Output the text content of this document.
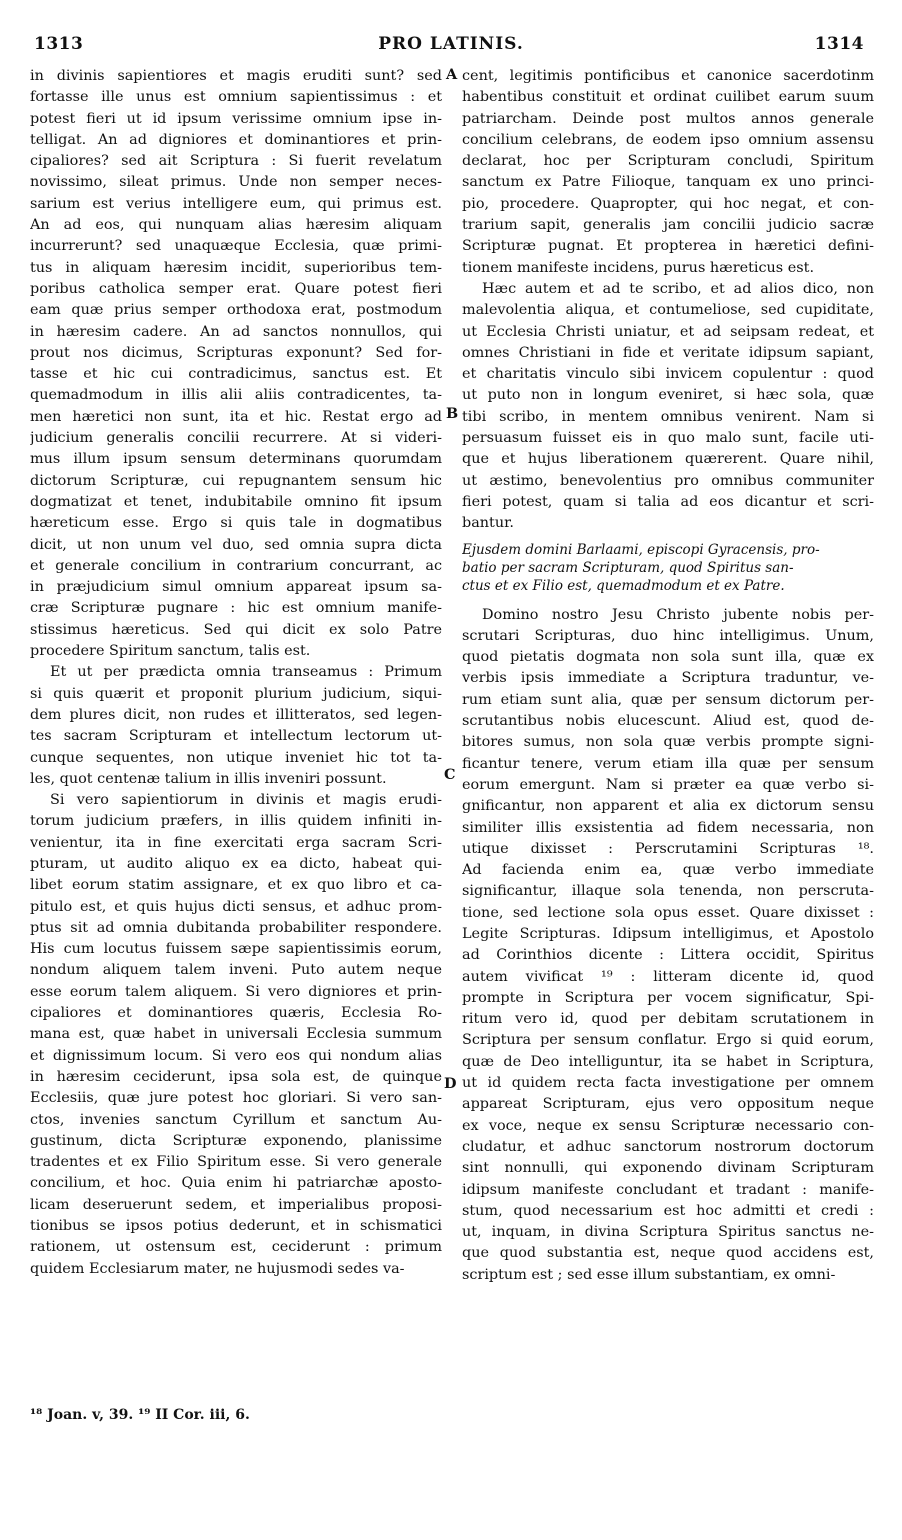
1313	PRO LATINIS.	1314
A
B
C
D
in divinis sapientiores et magis eruditi sunt? sed
fortasse ille unus est omnium sapientissimus : et
potest fieri ut id ipsum verissime omnium ipse in-
telligat. An ad digniores et dominantiores et prin-
cipaliores? sed ait Scriptura : Si fuerit revelatum
novissimo, sileat primus. Unde non semper neces-
sarium est verius intelligere eum, qui primus est.
An ad eos, qui nunquam alias hæresim aliquam
incurrerunt? sed unaquæque Ecclesia, quæ primi-
tus in aliquam hæresim incidit, superioribus tem-
poribus catholica semper erat. Quare potest fieri
eam quæ prius semper orthodoxa erat, postmodum
in hæresim cadere. An ad sanctos nonnullos, qui
prout nos dicimus, Scripturas exponunt? Sed for-
tasse et hic cui contradicimus, sanctus est. Et
quemadmodum in illis alii aliis contradicentes, ta-
men hæretici non sunt, ita et hic. Restat ergo ad
judicium generalis concilii recurrere. At si videri-
mus illum ipsum sensum determinans quorumdam
dictorum Scripturæ, cui repugnantem sensum hic
dogmatizat et tenet, indubitabile omnino fit ipsum
hæreticum esse. Ergo si quis tale in dogmatibus
dicit, ut non unum vel duo, sed omnia supra dicta
et generale concilium in contrarium concurrant, ac
in præjudicium simul omnium appareat ipsum sa-
cræ Scripturæ pugnare : hic est omnium manife-
stissimus hæreticus. Sed qui dicit ex solo Patre
procedere Spiritum sanctum, talis est.
Et ut per prædicta omnia transeamus : Primum
si quis quærit et proponit plurium judicium, siqui-
dem plures dicit, non rudes et illitteratos, sed legen-
tes sacram Scripturam et intellectum lectorum ut-
cunque sequentes, non utique inveniet hic tot ta-
les, quot centenæ talium in illis inveniri possunt.
Si vero sapientiorum in divinis et magis erudi-
torum judicium præfers, in illis quidem infiniti in-
venientur, ita in fine exercitati erga sacram Scri-
pturam, ut audito aliquo ex ea dicto, habeat qui-
libet eorum statim assignare, et ex quo libro et ca-
pitulo est, et quis hujus dicti sensus, et adhuc prom-
ptus sit ad omnia dubitanda probabiliter respondere.
His cum locutus fuissem sæpe sapientissimis eorum,
nondum aliquem talem inveni. Puto autem neque
esse eorum talem aliquem. Si vero digniores et prin-
cipaliores et dominantiores quæris, Ecclesia Ro-
mana est, quæ habet in universali Ecclesia summum
et dignissimum locum. Si vero eos qui nondum alias
in hæresim ceciderunt, ipsa sola est, de quinque
Ecclesiis, quæ jure potest hoc gloriari. Si vero san-
ctos, invenies sanctum Cyrillum et sanctum Au-
gustinum, dicta Scripturæ exponendo, planissime
tradentes et ex Filio Spiritum esse. Si vero generale
concilium, et hoc. Quia enim hi patriarchæ aposto-
licam deseruerunt sedem, et imperialibus proposi-
tionibus se ipsos potius dederunt, et in schismatici
rationem, ut ostensum est, ceciderunt : primum
quidem Ecclesiarum mater, ne hujusmodi sedes va-
cent, legitimis pontificibus et canonice sacerdotinm
habentibus constituit et ordinat cuilibet earum suum
patriarcham. Deinde post multos annos generale
concilium celebrans, de eodem ipso omnium assensu
declarat, hoc per Scripturam concludi, Spiritum
sanctum ex Patre Filioque, tanquam ex uno princi-
pio, procedere. Quapropter, qui hoc negat, et con-
trarium sapit, generalis jam concilii judicio sacræ
Scripturæ pugnat. Et propterea in hæretici defini-
tionem manifeste incidens, purus hæreticus est.
Hæc autem et ad te scribo, et ad alios dico, non
malevolentia aliqua, et contumeliose, sed cupiditate,
ut Ecclesia Christi uniatur, et ad seipsam redeat, et
omnes Christiani in fide et veritate idipsum sapiant,
et charitatis vinculo sibi invicem copulentur : quod
ut puto non in longum eveniret, si hæc sola, quæ
tibi scribo, in mentem omnibus venirent. Nam si
persuasum fuisset eis in quo malo sunt, facile uti-
que et hujus liberationem quærerent. Quare nihil,
ut æstimo, benevolentius pro omnibus communiter
fieri potest, quam si talia ad eos dicantur et scri-
bantur.
Ejusdem domini Barlaami, episcopi Gyracensis, pro-
batio per sacram Scripturam, quod Spiritus san-
ctus et ex Filio est, quemadmodum et ex Patre.
Domino nostro Jesu Christo jubente nobis per-
scrutari Scripturas, duo hinc intelligimus. Unum,
quod pietatis dogmata non sola sunt illa, quæ ex
verbis ipsis immediate a Scriptura traduntur, ve-
rum etiam sunt alia, quæ per sensum dictorum per-
scrutantibus nobis elucescunt. Aliud est, quod de-
bitores sumus, non sola quæ verbis prompte signi-
ficantur tenere, verum etiam illa quæ per sensum
eorum emergunt. Nam si præter ea quæ verbo si-
gnificantur, non apparent et alia ex dictorum sensu
similiter illis exsistentia ad fidem necessaria, non
utique dixisset : Perscrutamini Scripturas ¹⁸.
Ad facienda enim ea, quæ verbo immediate
significantur, illaque sola tenenda, non perscruta-
tione, sed lectione sola opus esset. Quare dixisset :
Legite Scripturas. Idipsum intelligimus, et Apostolo
ad Corinthios dicente : Littera occidit, Spiritus
autem vivificat ¹⁹ : litteram dicente id, quod
prompte in Scriptura per vocem significatur, Spi-
ritum vero id, quod per debitam scrutationem in
Scriptura per sensum conflatur. Ergo si quid eorum,
quæ de Deo intelliguntur, ita se habet in Scriptura,
ut id quidem recta facta investigatione per omnem
appareat Scripturam, ejus vero oppositum neque
ex voce, neque ex sensu Scripturæ necessario con-
cludatur, et adhuc sanctorum nostrorum doctorum
sint nonnulli, qui exponendo divinam Scripturam
idipsum manifeste concludant et tradant : manife-
stum, quod necessarium est hoc admitti et credi :
ut, inquam, in divina Scriptura Spiritus sanctus ne-
que quod substantia est, neque quod accidens est,
scriptum est ; sed esse illum substantiam, ex omni-
¹⁸ Joan. v, 39. ¹⁹ II Cor. iii, 6.
